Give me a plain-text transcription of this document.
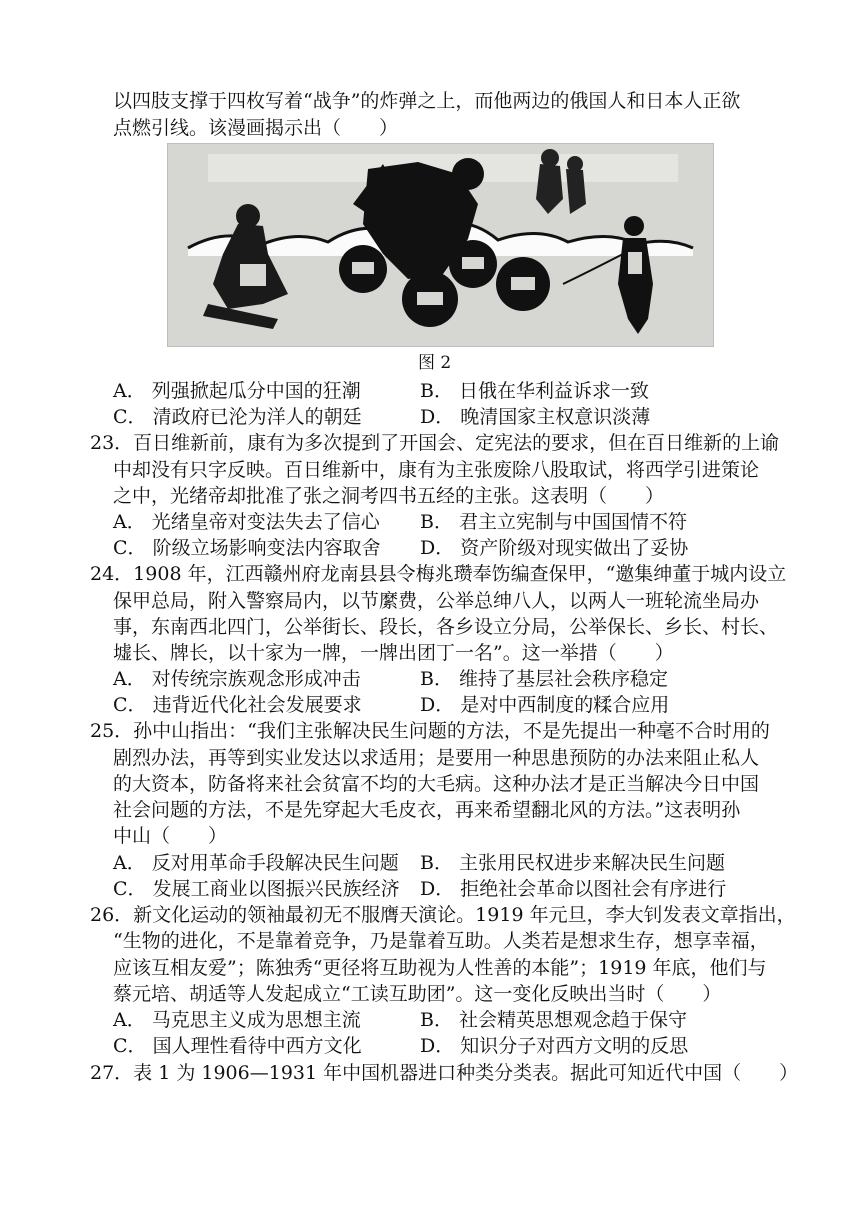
以四肢支撑于四枚写着“战争”的炸弹之上，而他两边的俄国人和日本人正欲
点燃引线。该漫画揭示出（　　）
图 2
A． 列强掀起瓜分中国的狂潮	B． 日俄在华利益诉求一致
C． 清政府已沦为洋人的朝廷	D． 晚清国家主权意识淡薄
23．百日维新前，康有为多次提到了开国会、定宪法的要求，但在百日维新的上谕
中却没有只字反映。百日维新中，康有为主张废除八股取试，将西学引进策论
之中，光绪帝却批准了张之洞考四书五经的主张。这表明（　　）
A． 光绪皇帝对变法失去了信心 B． 君主立宪制与中国国情不符
C． 阶级立场影响变法内容取舍 D． 资产阶级对现实做出了妥协
24．1908 年，江西赣州府龙南县县令梅兆瓒奉饬编查保甲，“邀集绅董于城内设立
保甲总局，附入警察局内，以节縻费，公举总绅八人，以两人一班轮流坐局办
事，东南西北四门，公举街长、段长，各乡设立分局，公举保长、乡长、村长、
墟长、牌长，以十家为一牌，一牌出团丁一名”。这一举措（　　）
A． 对传统宗族观念形成冲击	B． 维持了基层社会秩序稳定
C． 违背近代化社会发展要求	D． 是对中西制度的糅合应用
25．孙中山指出：“我们主张解决民生问题的方法，不是先提出一种毫不合时用的
剧烈办法，再等到实业发达以求适用；是要用一种思患预防的办法来阻止私人
的大资本，防备将来社会贫富不均的大毛病。这种办法才是正当解决今日中国
社会问题的方法，不是先穿起大毛皮衣，再来希望翻北风的方法。”这表明孙
中山（　　）
A． 反对用革命手段解决民生问题 B． 主张用民权进步来解决民生问题
C． 发展工商业以图振兴民族经济 D． 拒绝社会革命以图社会有序进行
26．新文化运动的领袖最初无不服膺天演论。1919 年元旦，李大钊发表文章指出，
“生物的进化，不是靠着竞争，乃是靠着互助。人类若是想求生存，想享幸福，
应该互相友爱”；陈独秀“更径将互助视为人性善的本能”；1919 年底，他们与
蔡元培、胡适等人发起成立“工读互助团”。这一变化反映出当时（　　）
A． 马克思主义成为思想主流	B． 社会精英思想观念趋于保守
C． 国人理性看待中西方文化	D． 知识分子对西方文明的反思
27．表 1 为 1906—1931 年中国机器进口种类分类表。据此可知近代中国（　　）
